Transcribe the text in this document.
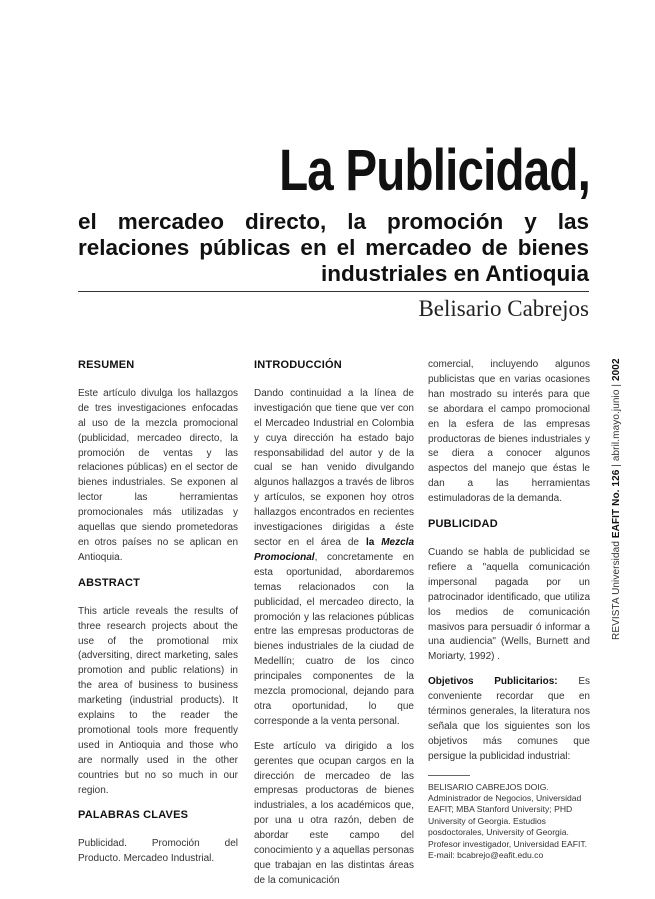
La Publicidad,
el mercadeo directo, la promoción y las relaciones públicas en el mercadeo de bienes industriales en Antioquia
Belisario Cabrejos
RESUMEN
Este artículo divulga los hallazgos de tres investigaciones enfocadas al uso de la mezcla promocional (publicidad, mercadeo directo, la promoción de ventas y las relaciones públicas) en el sector de bienes industriales. Se exponen al lector las herramientas promocionales más utilizadas y aquellas que siendo prometedoras en otros países no se aplican en Antioquia.
ABSTRACT
This article reveals the results of three research projects about the use of the promotional mix (adversiting, direct marketing, sales promotion and public relations) in the area of business to business marketing (industrial products). It explains to the reader the promotional tools more frequently used in Antioquia and those who are normally used in the other countries but no so much in our region.
PALABRAS CLAVES
Publicidad. Promoción del Producto. Mercadeo Industrial.
INTRODUCCIÓN
Dando continuidad a la línea de investigación que tiene que ver con el Mercadeo Industrial en Colombia y cuya dirección ha estado bajo responsabilidad del autor y de la cual se han venido divulgando algunos hallazgos a través de libros y artículos, se exponen hoy otros hallazgos encontrados en recientes investigaciones dirigidas a éste sector en el área de la Mezcla Promocional, concretamente en esta oportunidad, abordaremos temas relacionados con la publicidad, el mercadeo directo, la promoción y las relaciones públicas entre las empresas productoras de bienes industriales de la ciudad de Medellín; cuatro de los cinco principales componentes de la mezcla promocional, dejando para otra oportunidad, lo que corresponde a la venta personal.
Este artículo va dirigido a los gerentes que ocupan cargos en la dirección de mercadeo de las empresas productoras de bienes industriales, a los académicos que, por una u otra razón, deben de abordar este campo del conocimiento y a aquellas personas que trabajan en las distintas áreas de la comunicación
comercial, incluyendo algunos publicistas que en varias ocasiones han mostrado su interés para que se abordara el campo promocional en la esfera de las empresas productoras de bienes industriales y se diera a conocer algunos aspectos del manejo que éstas le dan a las herramientas estimuladoras de la demanda.
PUBLICIDAD
Cuando se habla de publicidad se refiere a "aquella comunicación impersonal pagada por un patrocinador identificado, que utiliza los medios de comunicación masivos para persuadir ó informar a una audiencia" (Wells, Burnett and Moriarty, 1992) .
Objetivos Publicitarios: Es conveniente recordar que en términos generales, la literatura nos señala que los siguientes son los objetivos más comunes que persigue la publicidad industrial:
BELISARIO CABREJOS DOIG. Administrador de Negocios, Universidad EAFIT; MBA Stanford University; PHD University of Georgia. Estudios posdoctorales, University of Georgia. Profesor investigador, Universidad EAFIT.
E-mail: bcabrejo@eafit.edu.co
REVISTA Universidad EAFIT No. 126 | abril.mayo.junio | 2002
